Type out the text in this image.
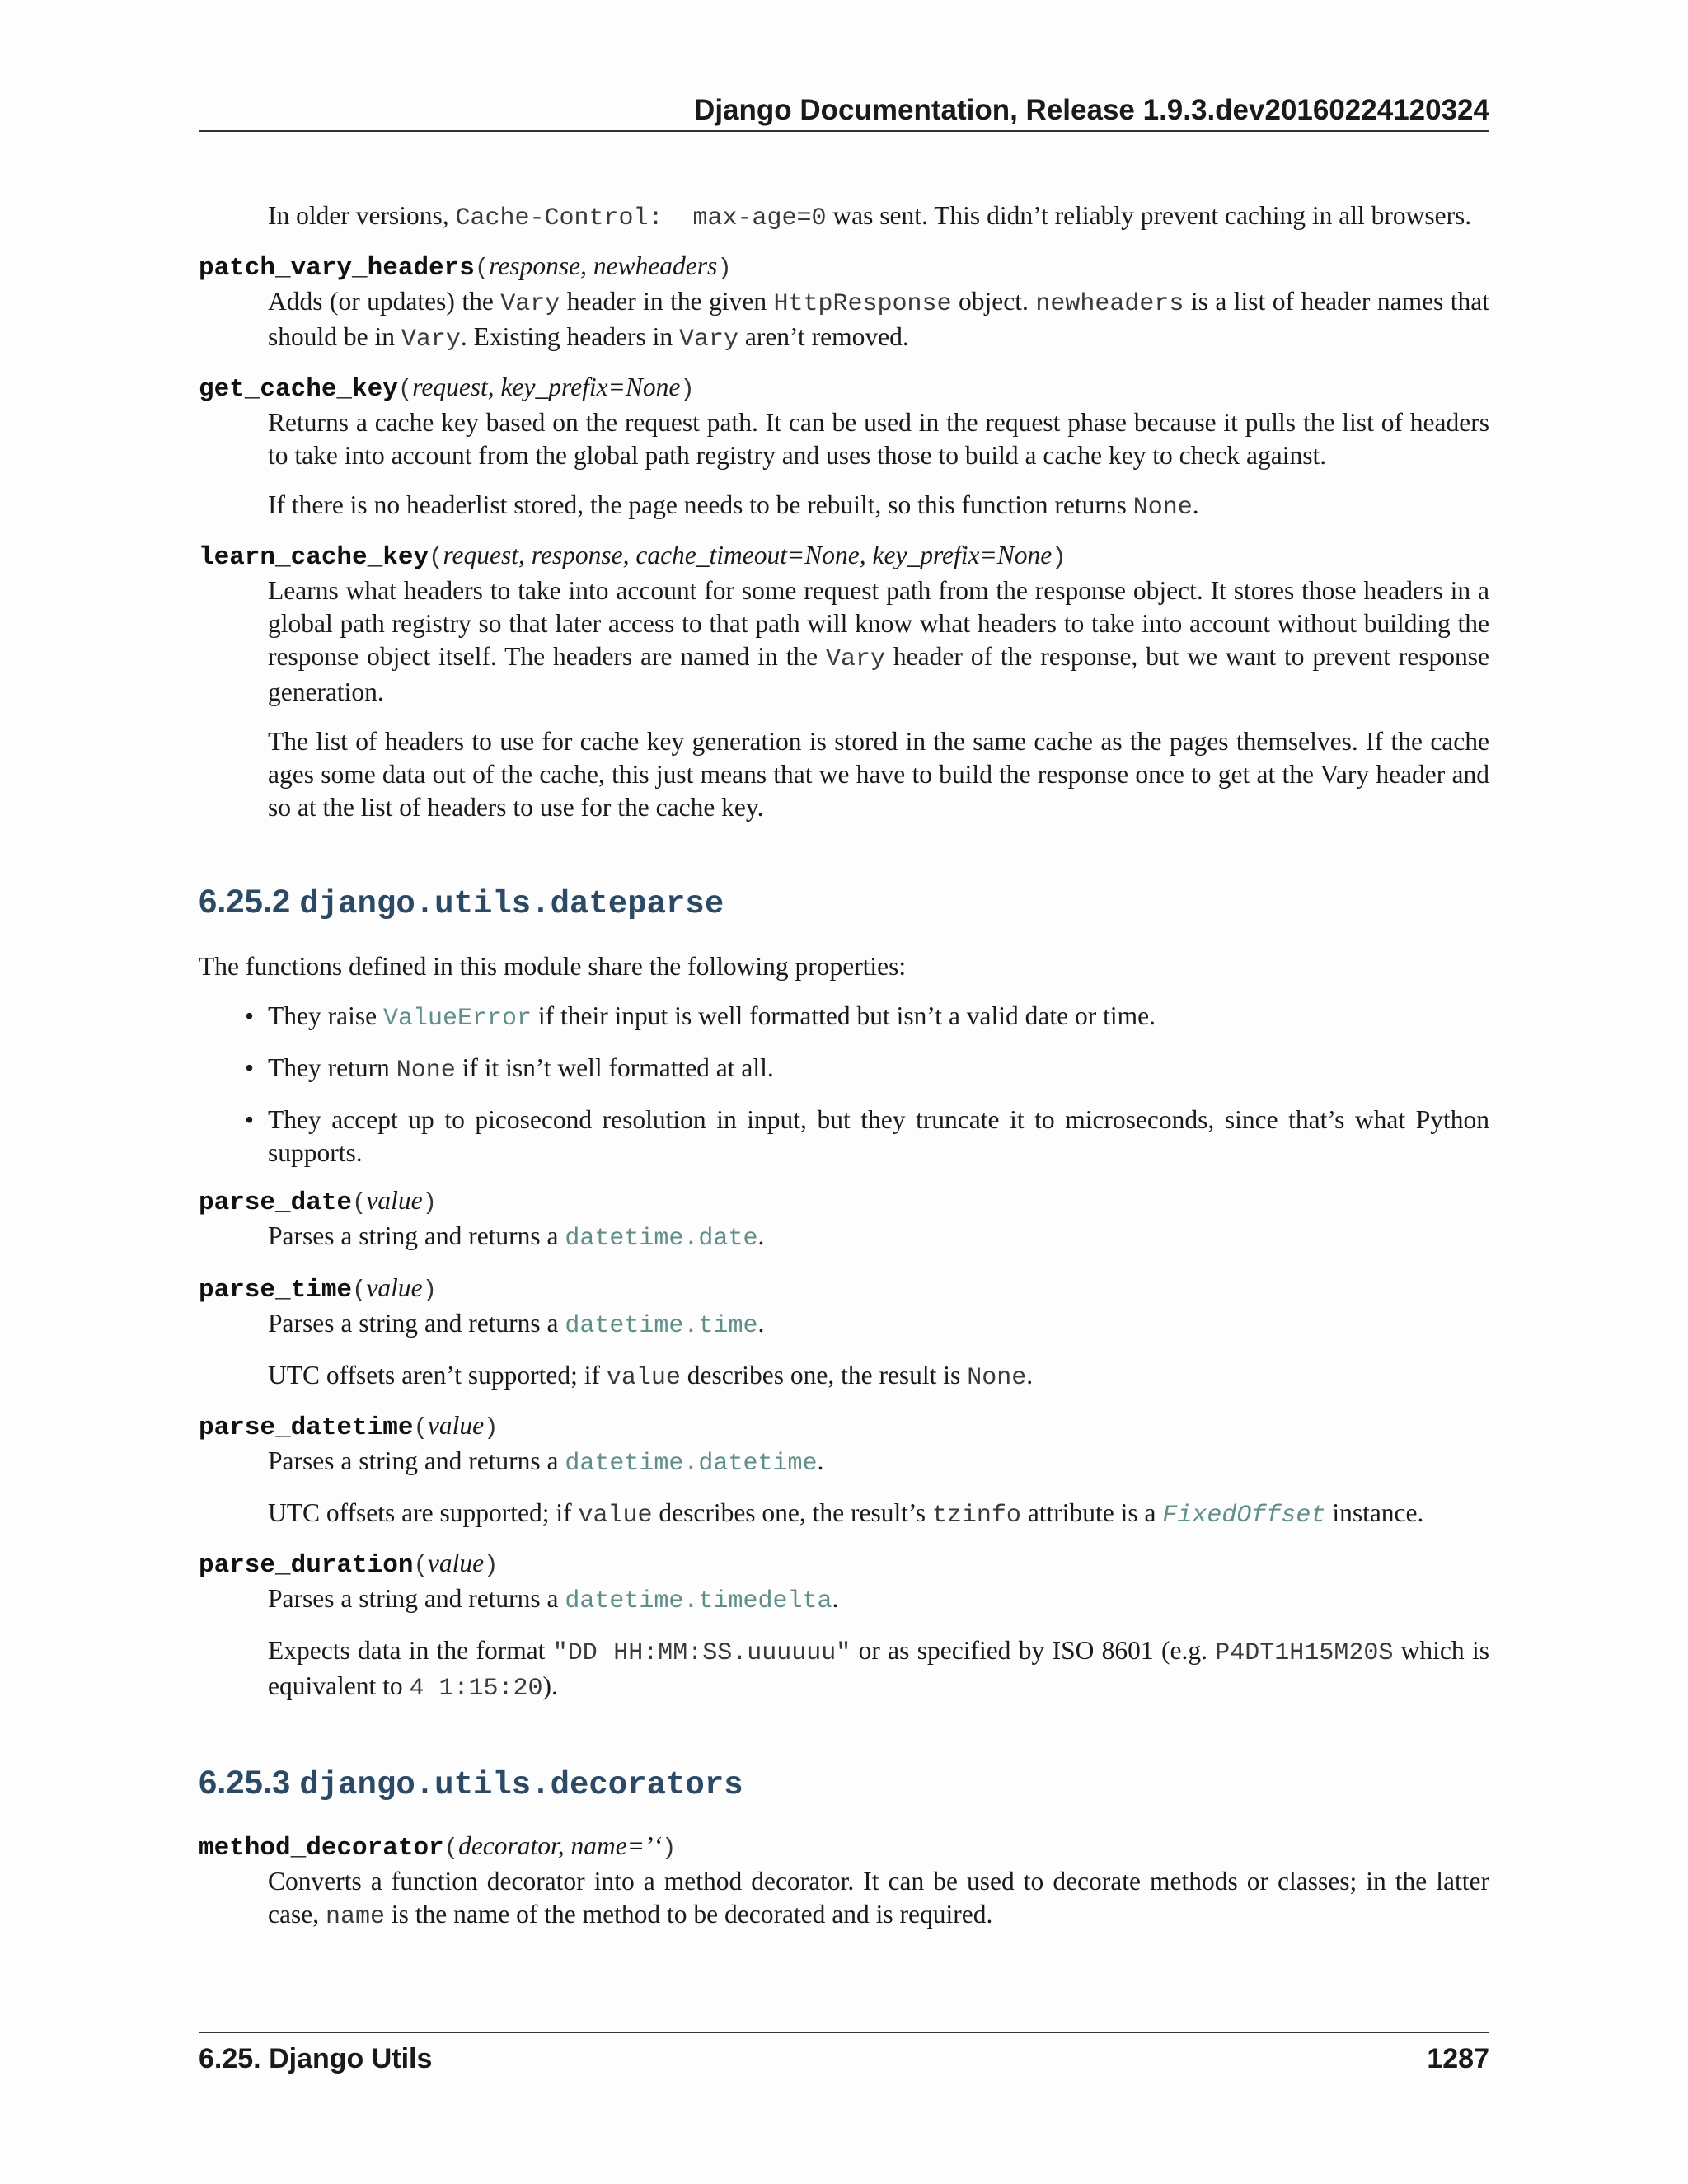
Django Documentation, Release 1.9.3.dev20160224120324

In older versions, Cache-Control:  max-age=0 was sent. This didn’t reliably prevent caching in all browsers.

patch_vary_headers(response, newheaders)

Adds (or updates) the Vary header in the given HttpResponse object. newheaders is a list of header names that should be in Vary. Existing headers in Vary aren’t removed.

get_cache_key(request, key_prefix=None)

Returns a cache key based on the request path. It can be used in the request phase because it pulls the list of headers to take into account from the global path registry and uses those to build a cache key to check against.

If there is no headerlist stored, the page needs to be rebuilt, so this function returns None.

learn_cache_key(request, response, cache_timeout=None, key_prefix=None)

Learns what headers to take into account for some request path from the response object. It stores those headers in a global path registry so that later access to that path will know what headers to take into account without building the response object itself. The headers are named in the Vary header of the response, but we want to prevent response generation.

The list of headers to use for cache key generation is stored in the same cache as the pages themselves. If the cache ages some data out of the cache, this just means that we have to build the response once to get at the Vary header and so at the list of headers to use for the cache key.

6.25.2 django.utils.dateparse

The functions defined in this module share the following properties:

• They raise ValueError if their input is well formatted but isn’t a valid date or time.
• They return None if it isn’t well formatted at all.
• They accept up to picosecond resolution in input, but they truncate it to microseconds, since that’s what Python supports.

parse_date(value)

Parses a string and returns a datetime.date.

parse_time(value)

Parses a string and returns a datetime.time.

UTC offsets aren’t supported; if value describes one, the result is None.

parse_datetime(value)

Parses a string and returns a datetime.datetime.

UTC offsets are supported; if value describes one, the result’s tzinfo attribute is a FixedOffset instance.

parse_duration(value)

Parses a string and returns a datetime.timedelta.

Expects data in the format "DD HH:MM:SS.uuuuuu" or as specified by ISO 8601 (e.g. P4DT1H15M20S which is equivalent to 4 1:15:20).

6.25.3 django.utils.decorators

method_decorator(decorator, name=’‘)

Converts a function decorator into a method decorator. It can be used to decorate methods or classes; in the latter case, name is the name of the method to be decorated and is required.

6.25. Django Utils	1287
